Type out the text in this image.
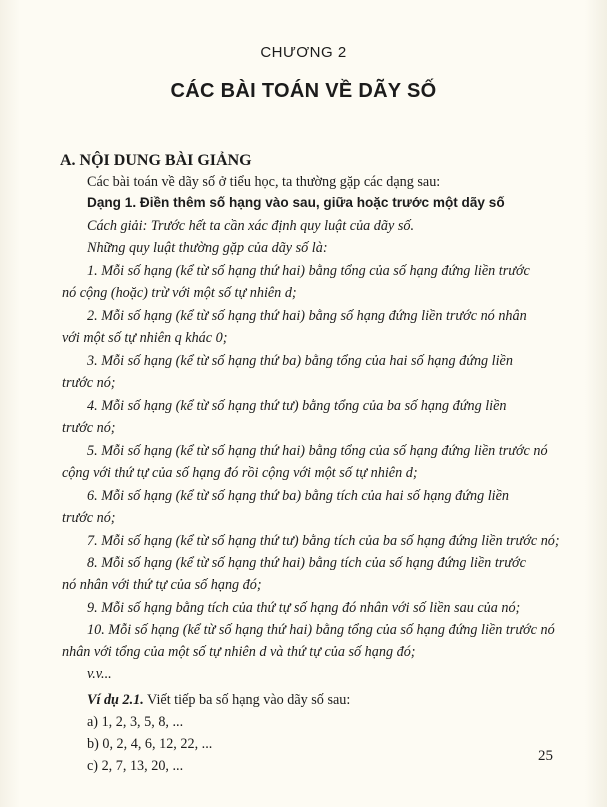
CHƯƠNG 2
CÁC BÀI TOÁN VỀ DÃY SỐ
A. NỘI DUNG BÀI GIẢNG
Các bài toán về dãy số ở tiểu học, ta thường gặp các dạng sau:
Dạng 1. Điền thêm số hạng vào sau, giữa hoặc trước một dãy số
Cách giải: Trước hết ta cần xác định quy luật của dãy số.
Những quy luật thường gặp của dãy số là:
1. Mỗi số hạng (kể từ số hạng thứ hai) bằng tổng của số hạng đứng liền trước
nó cộng (hoặc) trừ với một số tự nhiên d;
2. Mỗi số hạng (kể từ số hạng thứ hai) bằng số hạng đứng liền trước nó nhân
với một số tự nhiên q khác 0;
3. Mỗi số hạng (kể từ số hạng thứ ba) bằng tổng của hai số hạng đứng liền
trước nó;
4. Mỗi số hạng (kể từ số hạng thứ tư) bằng tổng của ba số hạng đứng liền
trước nó;
5. Mỗi số hạng (kể từ số hạng thứ hai) bằng tổng của số hạng đứng liền trước nó
cộng với thứ tự của số hạng đó rồi cộng với một số tự nhiên d;
6. Mỗi số hạng (kể từ số hạng thứ ba) bằng tích của hai số hạng đứng liền
trước nó;
7. Mỗi số hạng (kể từ số hạng thứ tư) bằng tích của ba số hạng đứng liền trước nó;
8. Mỗi số hạng (kể từ số hạng thứ hai) bằng tích của số hạng đứng liền trước
nó nhân với thứ tự của số hạng đó;
9. Mỗi số hạng bằng tích của thứ tự số hạng đó nhân với số liền sau của nó;
10. Mỗi số hạng (kể từ số hạng thứ hai) bằng tổng của số hạng đứng liền trước nó
nhân với tổng của một số tự nhiên d và thứ tự của số hạng đó;
v.v...
Ví dụ 2.1. Viết tiếp ba số hạng vào dãy số sau:
a) 1, 2, 3, 5, 8, ...
b) 0, 2, 4, 6, 12, 22, ...
c) 2, 7, 13, 20, ...
25
